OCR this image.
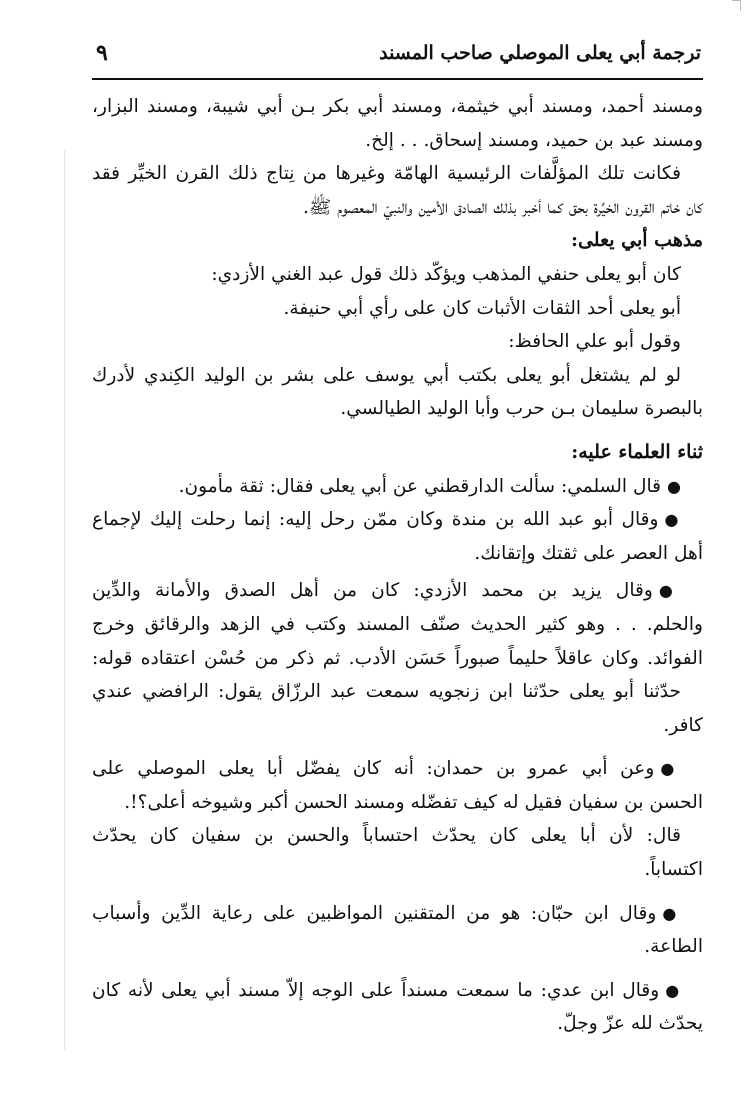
ترجمة أبي يعلى الموصلي صاحب المسند
٩

ومسند أحمد، ومسند أبي خيثمة، ومسند أبي بكر بـن أبي شيبة، ومسند البزار،
ومسند عبد بن حميد، ومسند إسحاق. . . إلخ.

فكانت تلك المؤلَّفات الرئيسية الهامّة وغيرها من نِتاج ذلك القرن الخيِّر فقد

كان خاتم القرون الخيِّرة بحق كما أخبر بذلك الصادق الأمين والنبيّ المعصوم ﷺ.

مذهب أبي يعلى:

كان أبو يعلى حنفي المذهب ويؤكّد ذلك قول عبد الغني الأزدي:

أبو يعلى أحد الثقات الأثبات كان على رأي أبي حنيفة.

وقول أبو علي الحافظ:

لو لم يشتغل أبو يعلى بكتب أبي يوسف على بشر بن الوليد الكِندي لأدرك

بالبصرة سليمان بـن حرب وأبا الوليد الطيالسي.

ثناء العلماء عليه:

●قال السلمي: سألت الدارقطني عن أبي يعلى فقال: ثقة مأمون.

●وقال أبو عبد الله بن مندة وكان ممّن رحل إليه: إنما رحلت إليك لإجماع

أهل العصر على ثقتك وإتقانك.

●وقال يزيد بن محمد الأزدي: كان من أهل الصدق والأمانة والدِّين

والحلم. . . وهو كثير الحديث صنّف المسند وكتب في الزهد والرقائق وخرج
الفوائد. وكان عاقلاً حليماً صبوراً حَسَن الأدب. ثم ذكر من حُسْن اعتقاده قوله:

حدّثنا أبو يعلى حدّثنا ابن زنجويه سمعت عبد الرزّاق يقول: الرافضي عندي

كافر.

●وعن أبي عمرو بن حمدان: أنه كان يفضّل أبا يعلى الموصلي على

الحسن بن سفيان فقيل له كيف تفضّله ومسند الحسن أكبر وشيوخه أعلى؟!.

قال: لأن أبا يعلى كان يحدّث احتساباً والحسن بن سفيان كان يحدّث

اكتساباً.

●وقال ابن حبّان: هو من المتقنين المواظبين على رعاية الدِّين وأسباب

الطاعة.

●وقال ابن عدي: ما سمعت مسنداً على الوجه إلاّ مسند أبي يعلى لأنه كان

يحدّث لله عزّ وجلّ.
